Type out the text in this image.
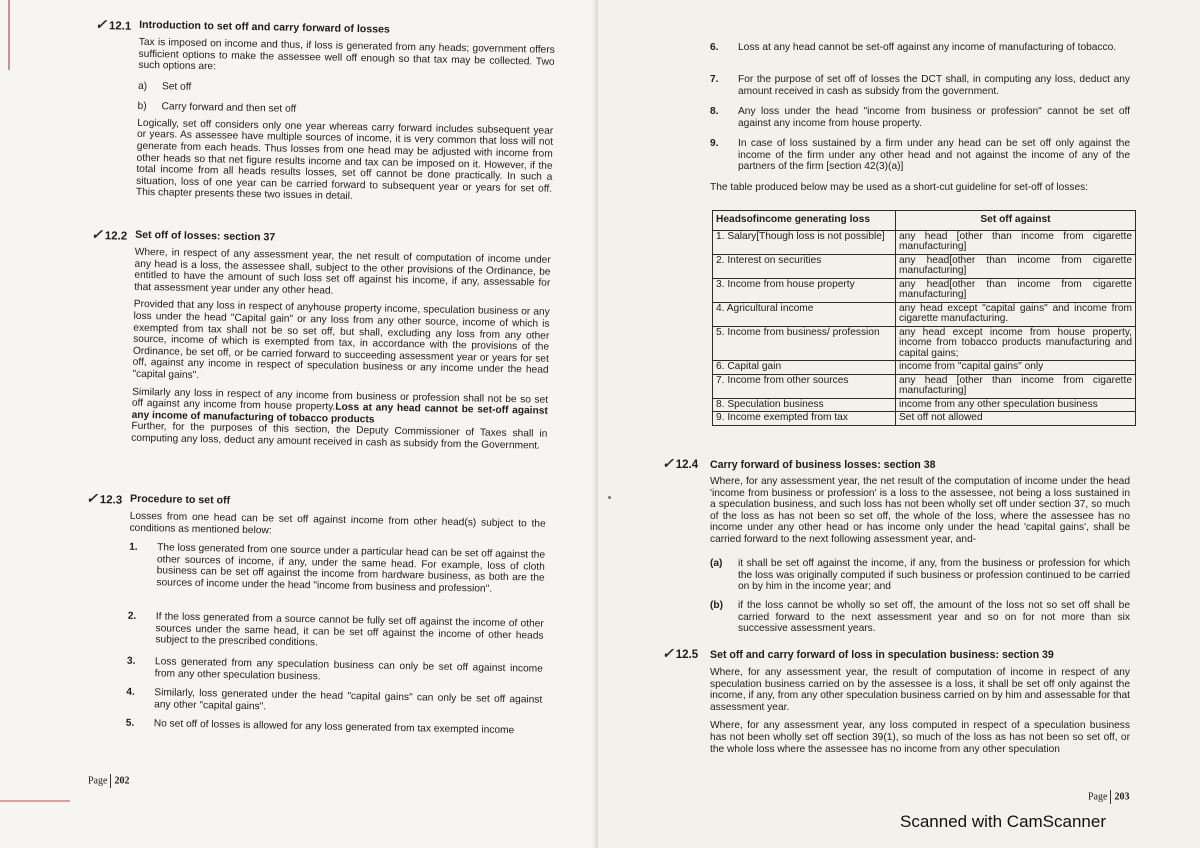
✓ 12.1 Introduction to set off and carry forward of losses

Tax is imposed on income and thus, if loss is generated from any heads; government offers sufficient options to make the assessee well off enough so that tax may be collected. Two such options are:

a) Set off
b) Carry forward and then set off

Logically, set off considers only one year whereas carry forward includes subsequent year or years. As assessee have multiple sources of income, it is very common that loss will not generate from each heads. Thus losses from one head may be adjusted with income from other heads so that net figure results income and tax can be imposed on it. However, if the total income from all heads results losses, set off cannot be done practically. In such a situation, loss of one year can be carried forward to subsequent year or years for set off. This chapter presents these two issues in detail.

✓ 12.2 Set off of losses: section 37

Where, in respect of any assessment year, the net result of computation of income under any head is a loss, the assessee shall, subject to the other provisions of the Ordinance, be entitled to have the amount of such loss set off against his income, if any, assessable for that assessment year under any other head.

Provided that any loss in respect of anyhouse property income, speculation business or any loss under the head "Capital gain" or any loss from any other source, income of which is exempted from tax shall not be so set off, but shall, excluding any loss from any other source, income of which is exempted from tax, in accordance with the provisions of the Ordinance, be set off, or be carried forward to succeeding assessment year or years for set off, against any income in respect of speculation business or any income under the head "capital gains".

Similarly any loss in respect of any income from business or profession shall not be so set off against any income from house property.Loss at any head cannot be set-off against any income of manufacturing of tobacco products

Further, for the purposes of this section, the Deputy Commissioner of Taxes shall in computing any loss, deduct any amount received in cash as subsidy from the Government.

✓ 12.3 Procedure to set off

Losses from one head can be set off against income from other head(s) subject to the conditions as mentioned below:

1. The loss generated from one source under a particular head can be set off against the other sources of income, if any, under the same head. For example, loss of cloth business can be set off against the income from hardware business, as both are the sources of income under the head "income from business and profession".
2. If the loss generated from a source cannot be fully set off against the income of other sources under the same head, it can be set off against the income of other heads subject to the prescribed conditions.
3. Loss generated from any speculation business can only be set off against income from any other speculation business.
4. Similarly, loss generated under the head "capital gains" can only be set off against any other "capital gains".
5. No set off of losses is allowed for any loss generated from tax exempted income
Page 202
6. Loss at any head cannot be set-off against any income of manufacturing of tobacco.
7. For the purpose of set off of losses the DCT shall, in computing any loss, deduct any amount received in cash as subsidy from the government.
8. Any loss under the head "income from business or profession" cannot be set off against any income from house property.
9. In case of loss sustained by a firm under any head can be set off only against the income of the firm under any other head and not against the income of any of the partners of the firm [section 42(3)(a)]

The table produced below may be used as a short-cut guideline for set-off of losses:

Headsofincome generating loss	Set off against
1. Salary[Though loss is not possible]	any head [other than income from cigarette manufacturing]
2. Interest on securities	any head[other than income from cigarette manufacturing]
3. Income from house property	any head[other than income from cigarette manufacturing]
4. Agricultural income	any head except "capital gains" and income from cigarette manufacturing.
5. Income from business/ profession	any head except income from house property, income from tobacco products manufacturing and capital gains;
6. Capital gain	income from "capital gains" only
7. Income from other sources	any head [other than income from cigarette manufacturing]
8. Speculation business	income from any other speculation business
9. Income exempted from tax	Set off not allowed
✓ 12.4 Carry forward of business losses: section 38

Where, for any assessment year, the net result of the computation of income under the head 'income from business or profession' is a loss to the assessee, not being a loss sustained in a speculation business, and such loss has not been wholly set off under section 37, so much of the loss as has not been so set off, the whole of the loss, where the assessee has no income under any other head or has income only under the head 'capital gains', shall be carried forward to the next following assessment year, and-

(a) it shall be set off against the income, if any, from the business or profession for which the loss was originally computed if such business or profession continued to be carried on by him in the income year; and
(b) if the loss cannot be wholly so set off, the amount of the loss not so set off shall be carried forward to the next assessment year and so on for not more than six successive assessment years.
✓ 12.5 Set off and carry forward of loss in speculation business: section 39

Where, for any assessment year, the result of computation of income in respect of any speculation business carried on by the assessee is a loss, it shall be set off only against the income, if any, from any other speculation business carried on by him and assessable for that assessment year.

Where, for any assessment year, any loss computed in respect of a speculation business has not been wholly set off section 39(1), so much of the loss as has not been so set off, or the whole loss where the assessee has no income from any other speculation

Page 203
Scanned with CamScanner
